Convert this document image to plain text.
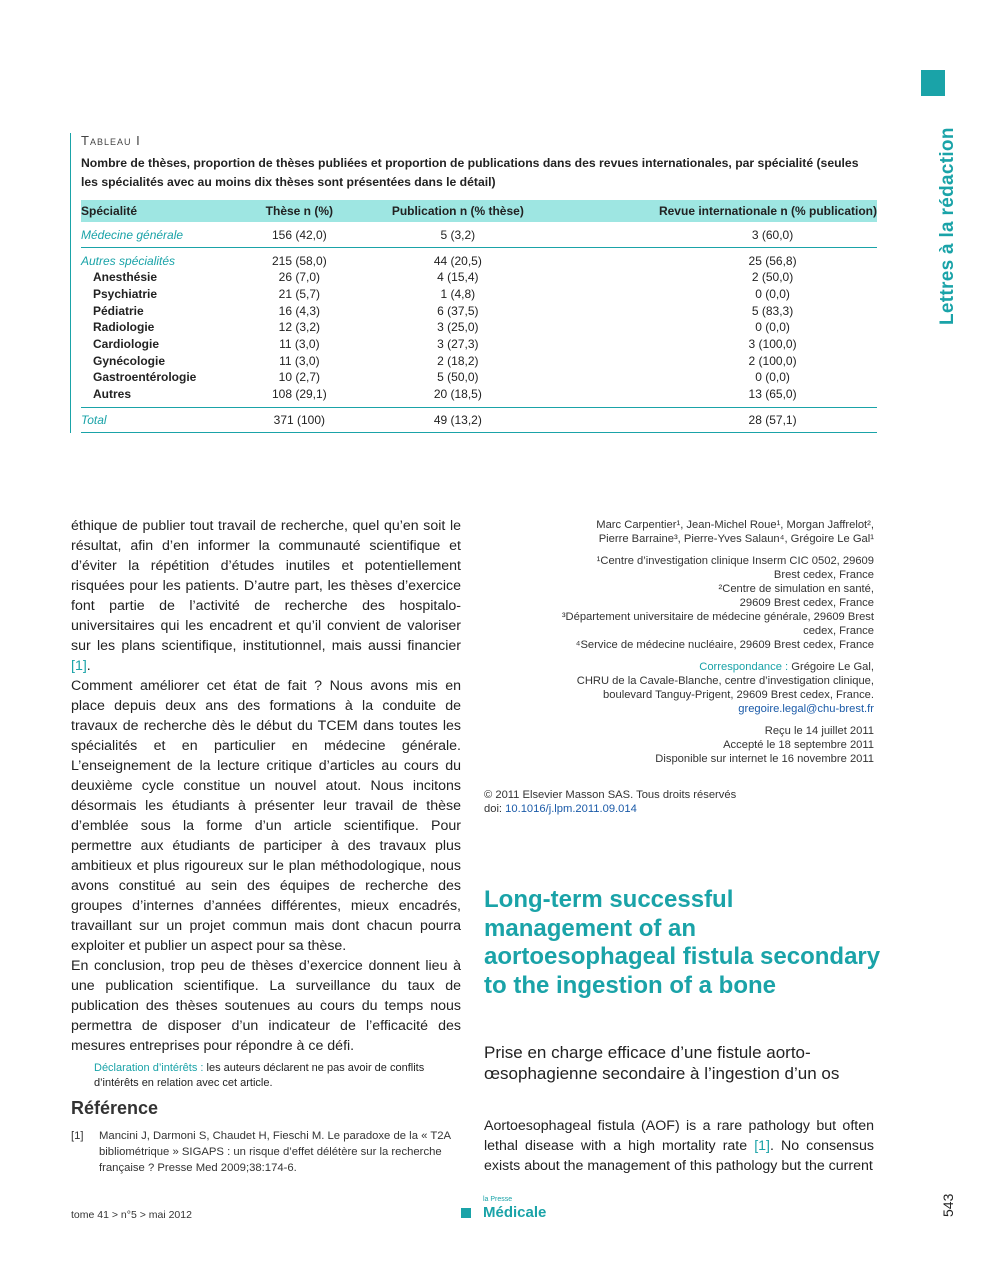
Lettres à la rédaction
543
Tableau I
Nombre de thèses, proportion de thèses publiées et proportion de publications dans des revues internationales, par spécialité (seules les spécialités avec au moins dix thèses sont présentées dans le détail)
Spécialité	Thèse n (%)	Publication n (% thèse)	Revue internationale n (% publication)
Médecine générale	156 (42,0)	5 (3,2)	3 (60,0)
Autres spécialités	215 (58,0)	44 (20,5)	25 (56,8)
Anesthésie	26 (7,0)	4 (15,4)	2 (50,0)
Psychiatrie	21 (5,7)	1 (4,8)	0 (0,0)
Pédiatrie	16 (4,3)	6 (37,5)	5 (83,3)
Radiologie	12 (3,2)	3 (25,0)	0 (0,0)
Cardiologie	11 (3,0)	3 (27,3)	3 (100,0)
Gynécologie	11 (3,0)	2 (18,2)	2 (100,0)
Gastroentérologie	10 (2,7)	5 (50,0)	0 (0,0)
Autres	108 (29,1)	20 (18,5)	13 (65,0)
Total	371 (100)	49 (13,2)	28 (57,1)

éthique de publier tout travail de recherche, quel qu’en soit le résultat, afin d’en informer la communauté scientifique et d’éviter la répétition d’études inutiles et potentiellement risquées pour les patients. D’autre part, les thèses d’exercice font partie de l’activité de recherche des hospitalo-universitaires qui les encadrent et qu’il convient de valoriser sur les plans scientifique, institutionnel, mais aussi financier [1].

Comment améliorer cet état de fait ? Nous avons mis en place depuis deux ans des formations à la conduite de travaux de recherche dès le début du TCEM dans toutes les spécialités et en particulier en médecine générale. L’enseignement de la lecture critique d’articles au cours du deuxième cycle constitue un nouvel atout. Nous incitons désormais les étudiants à présenter leur travail de thèse d’emblée sous la forme d’un article scientifique. Pour permettre aux étudiants de participer à des travaux plus ambitieux et plus rigoureux sur le plan méthodologique, nous avons constitué au sein des équipes de recherche des groupes d’internes d’années différentes, mieux encadrés, travaillant sur un projet commun mais dont chacun pourra exploiter et publier un aspect pour sa thèse.

En conclusion, trop peu de thèses d’exercice donnent lieu à une publication scientifique. La surveillance du taux de publication des thèses soutenues au cours du temps nous permettra de disposer d’un indicateur de l’efficacité des mesures entreprises pour répondre à ce défi.

Déclaration d’intérêts : les auteurs déclarent ne pas avoir de conflits d’intérêts en relation avec cet article.

Référence
[1] Mancini J, Darmoni S, Chaudet H, Fieschi M. Le paradoxe de la « T2A bibliométrique » SIGAPS : un risque d’effet délétère sur la recherche française ? Presse Med 2009;38:174-6.

Marc Carpentier¹, Jean-Michel Roue¹, Morgan Jaffrelot²,

Pierre Barraine³, Pierre-Yves Salaun⁴, Grégoire Le Gal¹

¹Centre d’investigation clinique Inserm CIC 0502, 29609

Brest cedex, France

²Centre de simulation en santé,

29609 Brest cedex, France

³Département universitaire de médecine générale, 29609 Brest

cedex, France

⁴Service de médecine nucléaire, 29609 Brest cedex, France

Correspondance : Grégoire Le Gal,

CHRU de la Cavale-Blanche, centre d’investigation clinique,

boulevard Tanguy-Prigent, 29609 Brest cedex, France.

gregoire.legal@chu-brest.fr

Reçu le 14 juillet 2011

Accepté le 18 septembre 2011

Disponible sur internet le 16 novembre 2011

© 2011 Elsevier Masson SAS. Tous droits réservés

doi: 10.1016/j.lpm.2011.09.014

Long-term successful management of an aortoesophageal fistula secondary to the ingestion of a bone
Prise en charge efficace d’une fistule aorto-œsophagienne secondaire à l’ingestion d’un os
Aortoesophageal fistula (AOF) is a rare pathology but often lethal disease with a high mortality rate [1]. No consensus exists about the management of this pathology but the current
tome 41 > n°5 > mai 2012
la Presse
Médicale
